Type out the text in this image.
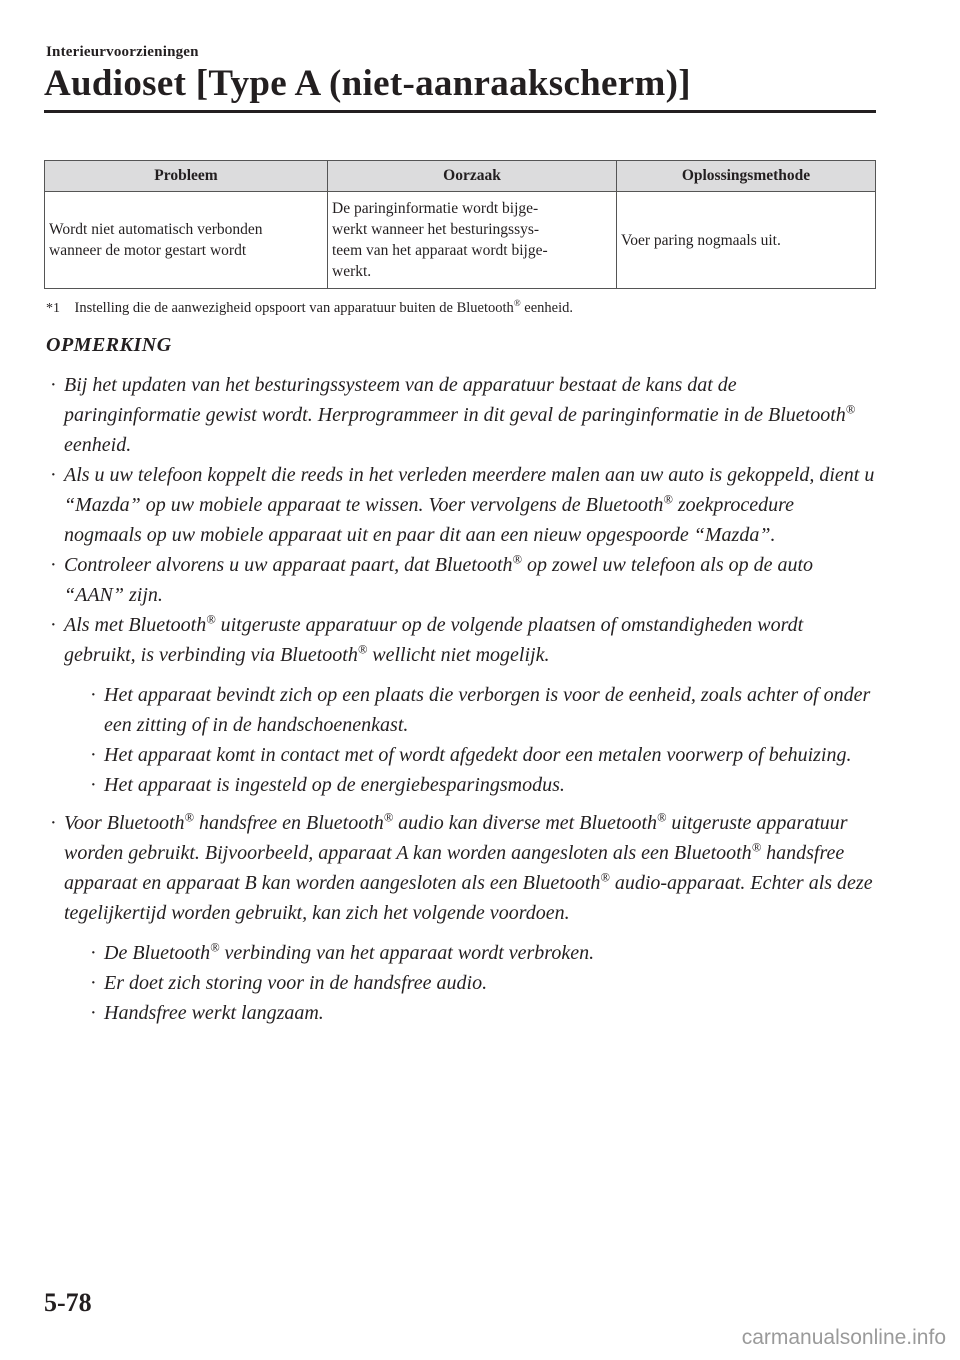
Interieurvoorzieningen
Audioset [Type A (niet-aanraakscherm)]
Probleem	Oorzaak	Oplossingsmethode
Wordt niet automatisch verbonden
wanneer de motor gestart wordt	De paringinformatie wordt bijge-
werkt wanneer het besturingssys-
teem van het apparaat wordt bijge-
werkt.	Voer paring nogmaals uit.
*1 Instelling die de aanwezigheid opspoort van apparatuur buiten de Bluetooth® eenheid.
OPMERKING
· Bij het updaten van het besturingssysteem van de apparatuur bestaat de kans dat de paringinformatie gewist wordt. Herprogrammeer in dit geval de paringinformatie in de Bluetooth® eenheid.
· Als u uw telefoon koppelt die reeds in het verleden meerdere malen aan uw auto is gekoppeld, dient u “Mazda” op uw mobiele apparaat te wissen. Voer vervolgens de Bluetooth® zoekprocedure nogmaals op uw mobiele apparaat uit en paar dit aan een nieuw opgespoorde “Mazda”.
· Controleer alvorens u uw apparaat paart, dat Bluetooth® op zowel uw telefoon als op de auto “AAN” zijn.
· Als met Bluetooth® uitgeruste apparatuur op de volgende plaatsen of omstandigheden wordt gebruikt, is verbinding via Bluetooth® wellicht niet mogelijk.
· Het apparaat bevindt zich op een plaats die verborgen is voor de eenheid, zoals achter of onder een zitting of in de handschoenenkast.
· Het apparaat komt in contact met of wordt afgedekt door een metalen voorwerp of behuizing.
· Het apparaat is ingesteld op de energiebesparingsmodus.
· Voor Bluetooth® handsfree en Bluetooth® audio kan diverse met Bluetooth® uitgeruste apparatuur worden gebruikt. Bijvoorbeeld, apparaat A kan worden aangesloten als een Bluetooth® handsfree apparaat en apparaat B kan worden aangesloten als een Bluetooth® audio-apparaat. Echter als deze tegelijkertijd worden gebruikt, kan zich het volgende voordoen.
· De Bluetooth® verbinding van het apparaat wordt verbroken.
· Er doet zich storing voor in de handsfree audio.
· Handsfree werkt langzaam.
5-78
carmanualsonline.info
